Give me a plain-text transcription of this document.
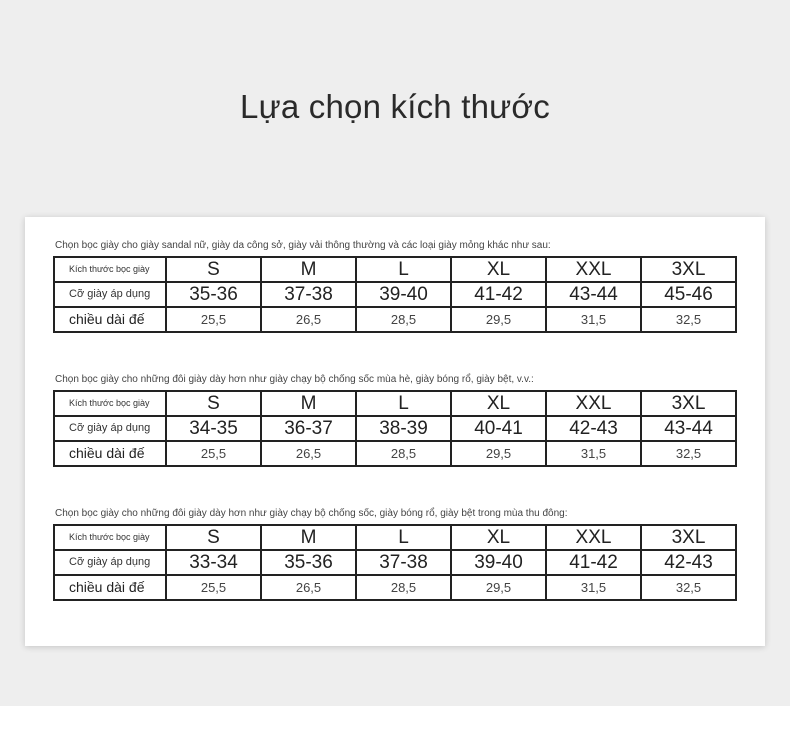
Lựa chọn kích thước
Chọn bọc giày cho giày sandal nữ, giày da công sở, giày vải thông thường và các loại giày mỏng khác như sau:
Kích thước bọc giày	S	M	L	XL	XXL	3XL
Cỡ giày áp dụng	35-36	37-38	39-40	41-42	43-44	45-46
chiều dài đế	25,5	26,5	28,5	29,5	31,5	32,5
Chọn bọc giày cho những đôi giày dày hơn như giày chạy bộ chống sốc mùa hè, giày bóng rổ, giày bệt, v.v.:
Kích thước bọc giày	S	M	L	XL	XXL	3XL
Cỡ giày áp dụng	34-35	36-37	38-39	40-41	42-43	43-44
chiều dài đế	25,5	26,5	28,5	29,5	31,5	32,5
Chọn bọc giày cho những đôi giày dày hơn như giày chạy bộ chống sốc, giày bóng rổ, giày bệt trong mùa thu đông:
Kích thước bọc giày	S	M	L	XL	XXL	3XL
Cỡ giày áp dụng	33-34	35-36	37-38	39-40	41-42	42-43
chiều dài đế	25,5	26,5	28,5	29,5	31,5	32,5
